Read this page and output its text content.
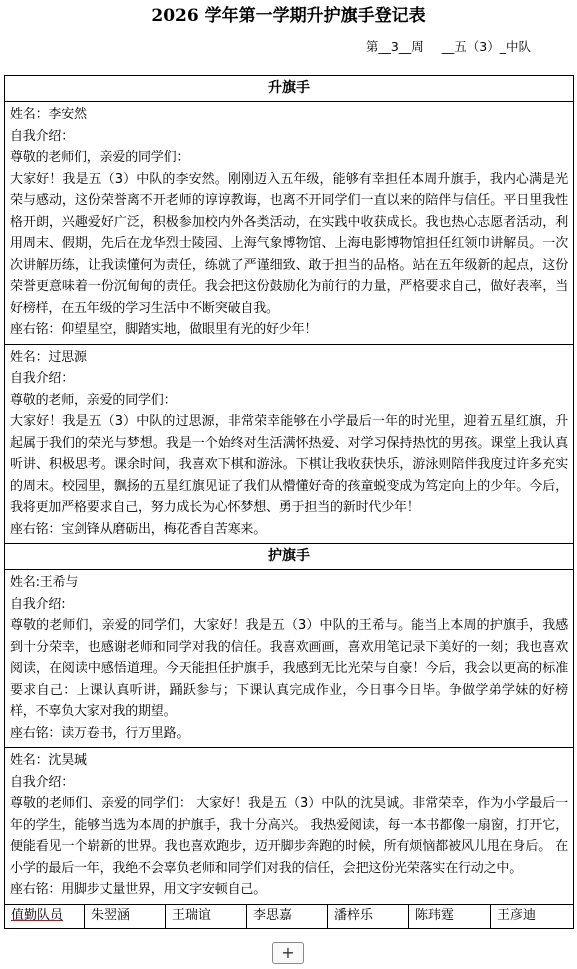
2026 学年第一学期升护旗手登记表
第__3__周 __五（3）_中队
升旗手

姓名：李安然

自我介绍：

尊敬的老师们，亲爱的同学们：

大家好！我是五（3）中队的李安然。刚刚迈入五年级，能够有幸担任本周升旗手，我内心满是光荣与感动，这份荣誉离不开老师的谆谆教诲，也离不开同学们一直以来的陪伴与信任。平日里我性格开朗，兴趣爱好广泛，积极参加校内外各类活动，在实践中收获成长。我也热心志愿者活动，利用周末、假期，先后在龙华烈士陵园、上海气象博物馆、上海电影博物馆担任红领巾讲解员。一次次讲解历练，让我读懂何为责任，练就了严谨细致、敢于担当的品格。站在五年级新的起点，这份荣誉更意味着一份沉甸甸的责任。我会把这份鼓励化为前行的力量，严格要求自己，做好表率，当好榜样，在五年级的学习生活中不断突破自我。

座右铭：仰望星空，脚踏实地，做眼里有光的好少年！

姓名：过思源

自我介绍：

尊敬的老师，亲爱的同学们：

大家好！我是五（3）中队的过思源，非常荣幸能够在小学最后一年的时光里，迎着五星红旗，升起属于我们的荣光与梦想。我是一个始终对生活满怀热爱、对学习保持热忱的男孩。课堂上我认真听讲、积极思考。课余时间，我喜欢下棋和游泳。下棋让我收获快乐，游泳则陪伴我度过许多充实的周末。校园里，飘扬的五星红旗见证了我们从懵懂好奇的孩童蜕变成为笃定向上的少年。今后，我将更加严格要求自己，努力成长为心怀梦想、勇于担当的新时代少年！

座右铭：宝剑锋从磨砺出，梅花香自苦寒来。

护旗手

姓名:王希与

自我介绍:

尊敬的老师们，亲爱的同学们，大家好！我是五（3）中队的王希与。能当上本周的护旗手，我感到十分荣幸，也感谢老师和同学对我的信任。我喜欢画画，喜欢用笔记录下美好的一刻；我也喜欢阅读，在阅读中感悟道理。今天能担任护旗手，我感到无比光荣与自豪！今后，我会以更高的标准要求自己：上课认真听讲，踊跃参与；下课认真完成作业，今日事今日毕。争做学弟学妹的好榜样，不辜负大家对我的期望。

座右铭：读万卷书，行万里路。

姓名：沈昊瑊

自我介绍：

尊敬的老师们、亲爱的同学们： 大家好！我是五（3）中队的沈昊诚。非常荣幸，作为小学最后一年的学生，能够当选为本周的护旗手，我十分高兴。 我热爱阅读，每一本书都像一扇窗，打开它，便能看见一个崭新的世界。我也喜欢跑步，迈开脚步奔跑的时候，所有烦恼都被风儿甩在身后。 在小学的最后一年，我绝不会辜负老师和同学们对我的信任，会把这份光荣落实在行动之中。

座右铭：用脚步丈量世界，用文字安顿自己。

值勤队员	朱翌涵	王瑞谊	李思嘉	潘梓乐	陈玮霆	王彦迪
+
